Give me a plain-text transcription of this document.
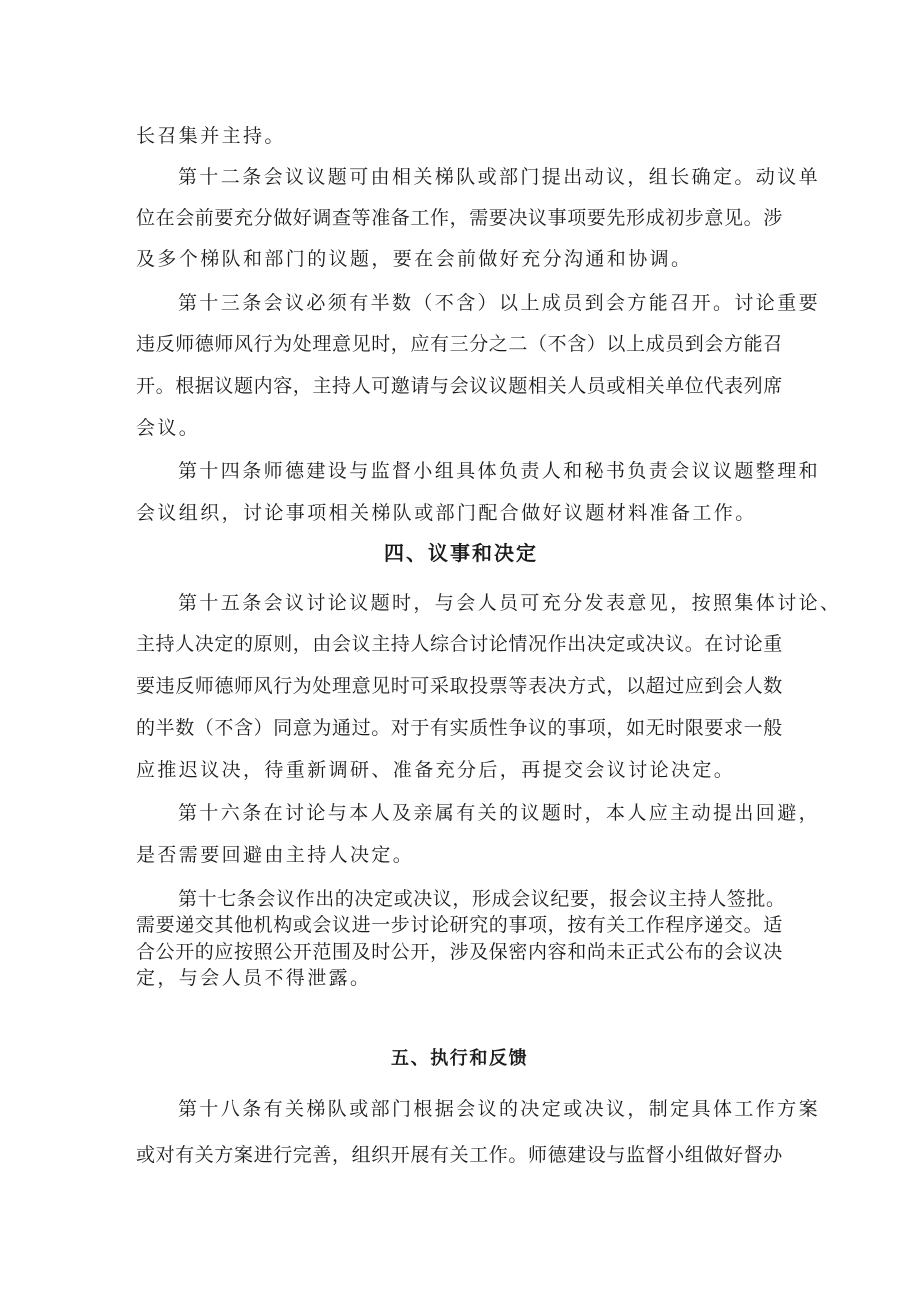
长召集并主持。

第十二条会议议题可由相关梯队或部门提出动议，组长确定。动议单

位在会前要充分做好调查等准备工作，需要决议事项要先形成初步意见。涉

及多个梯队和部门的议题，要在会前做好充分沟通和协调。

第十三条会议必须有半数（不含）以上成员到会方能召开。讨论重要

违反师德师风行为处理意见时，应有三分之二（不含）以上成员到会方能召

开。根据议题内容，主持人可邀请与会议议题相关人员或相关单位代表列席

会议。

第十四条师德建设与监督小组具体负责人和秘书负责会议议题整理和

会议组织，讨论事项相关梯队或部门配合做好议题材料准备工作。

四、议事和决定

第十五条会议讨论议题时，与会人员可充分发表意见，按照集体讨论、

主持人决定的原则，由会议主持人综合讨论情况作出决定或决议。在讨论重

要违反师德师风行为处理意见时可采取投票等表决方式，以超过应到会人数

的半数（不含）同意为通过。对于有实质性争议的事项，如无时限要求一般

应推迟议决，待重新调研、准备充分后，再提交会议讨论决定。

第十六条在讨论与本人及亲属有关的议题时，本人应主动提出回避，

是否需要回避由主持人决定。

第十七条会议作出的决定或决议，形成会议纪要，报会议主持人签批。

需要递交其他机构或会议进一步讨论研究的事项，按有关工作程序递交。适

合公开的应按照公开范围及时公开，涉及保密内容和尚未正式公布的会议决

定，与会人员不得泄露。

五、执行和反馈

第十八条有关梯队或部门根据会议的决定或决议，制定具体工作方案

或对有关方案进行完善，组织开展有关工作。师德建设与监督小组做好督办
